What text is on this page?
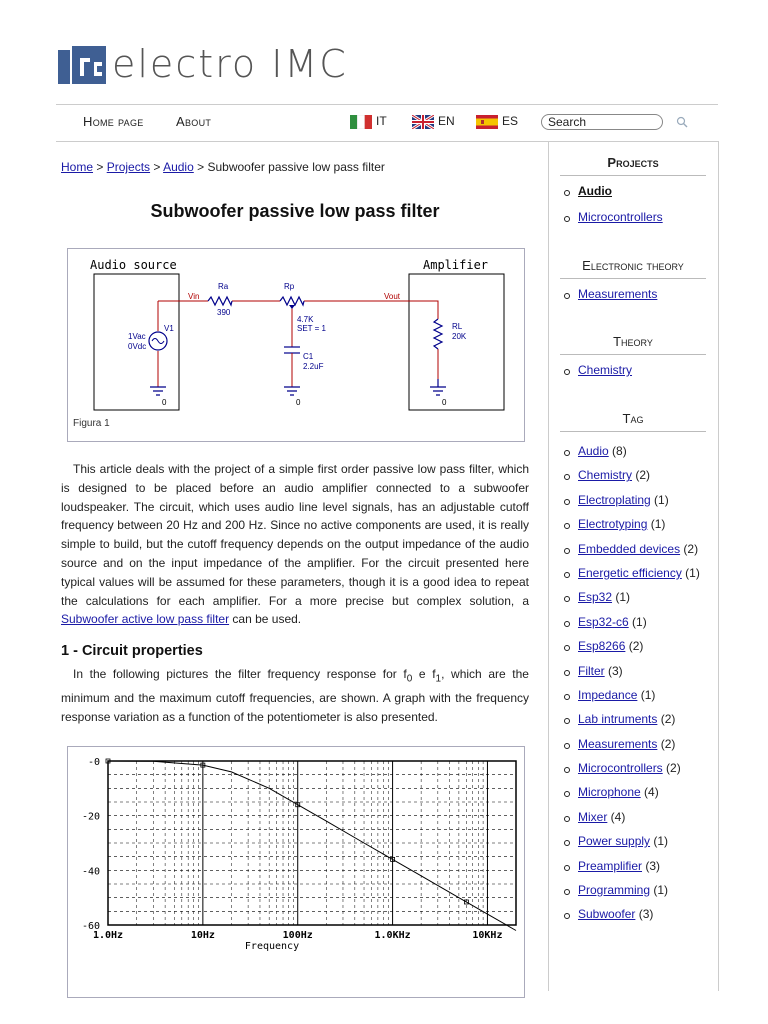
electro IMC
Home page About	IT	EN	ES	Search
Home > Projects > Audio > Subwoofer passive low pass filter
Subwoofer passive low pass filter
Audio source	Amplifier
Vin	Vout
Ra
390
Rp
4.7K
SET = 1
C1
2.2uF
V1
1Vac
0Vdc
RL
20K
0	0	0
Figura 1

This article deals with the project of a simple first order passive low pass filter, which is designed to be placed before an audio amplifier connected to a subwoofer loudspeaker. The circuit, which uses audio line level signals, has an adjustable cutoff frequency between 20 Hz and 200 Hz. Since no active components are used, it is really simple to build, but the cutoff frequency depends on the output impedance of the audio source and on the input impedance of the amplifier. For the circuit presented here typical values will be assumed for these parameters, though it is a good idea to repeat the calculations for each amplifier. For a more precise but complex solution, a Subwoofer active low pass filter can be used.

1 - Circuit properties

In the following pictures the filter frequency response for $f_0$ e $f_1$, which are the minimum and the maximum cutoff frequencies, are shown. A graph with the frequency response variation as a function of the potentiometer is also presented.

-0
-20
-40
-60
1.0Hz	10Hz	100Hz	1.0KHz	10KHz
Frequency
Projects
Audio
Microcontrollers
Electronic theory
Measurements
Theory
Chemistry
Tag
Audio (8)
Chemistry (2)
Electroplating (1)
Electrotyping (1)
Embedded devices (2)
Energetic efficiency (1)
Esp32 (1)
Esp32-c6 (1)
Esp8266 (2)
Filter (3)
Impedance (1)
Lab intruments (2)
Measurements (2)
Microcontrollers (2)
Microphone (4)
Mixer (4)
Power supply (1)
Preamplifier (3)
Programming (1)
Subwoofer (3)
